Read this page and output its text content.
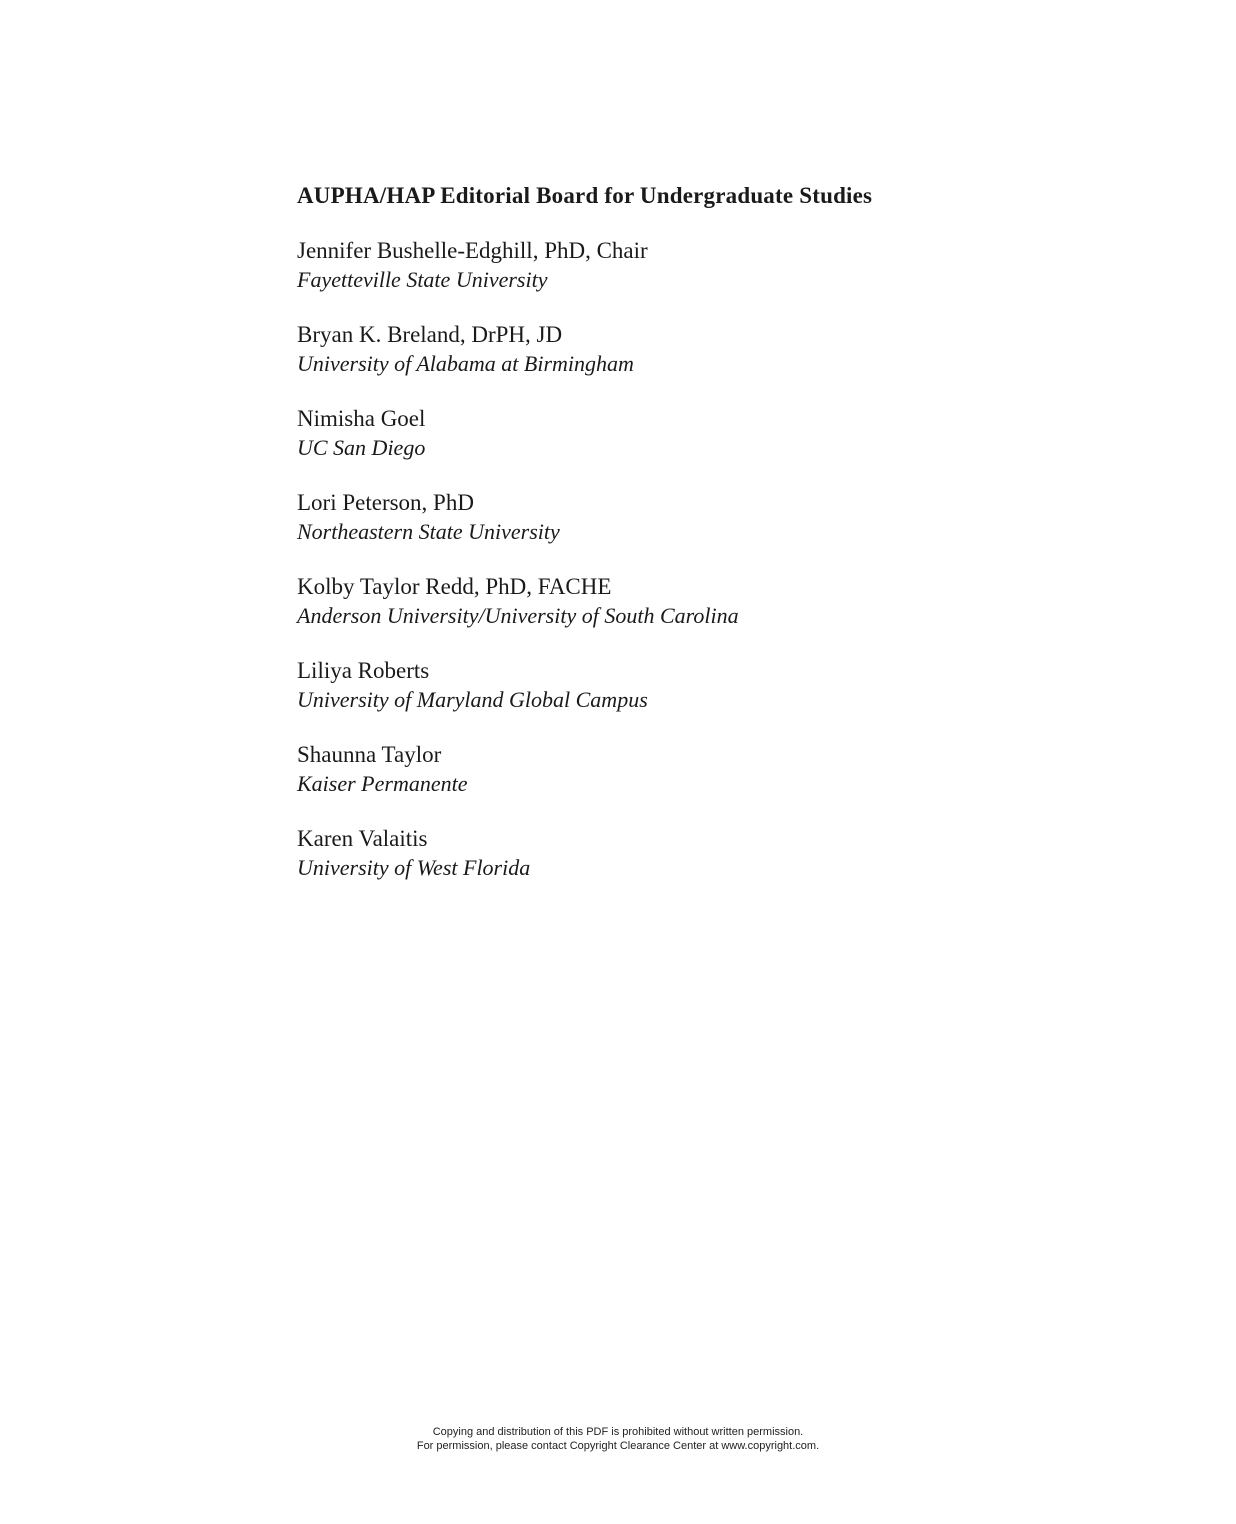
AUPHA/HAP Editorial Board for Undergraduate Studies
Jennifer Bushelle-Edghill, PhD, Chair
Fayetteville State University
Bryan K. Breland, DrPH, JD
University of Alabama at Birmingham
Nimisha Goel
UC San Diego
Lori Peterson, PhD
Northeastern State University
Kolby Taylor Redd, PhD, FACHE
Anderson University/University of South Carolina
Liliya Roberts
University of Maryland Global Campus
Shaunna Taylor
Kaiser Permanente
Karen Valaitis
University of West Florida
Copying and distribution of this PDF is prohibited without written permission.
For permission, please contact Copyright Clearance Center at www.copyright.com.
